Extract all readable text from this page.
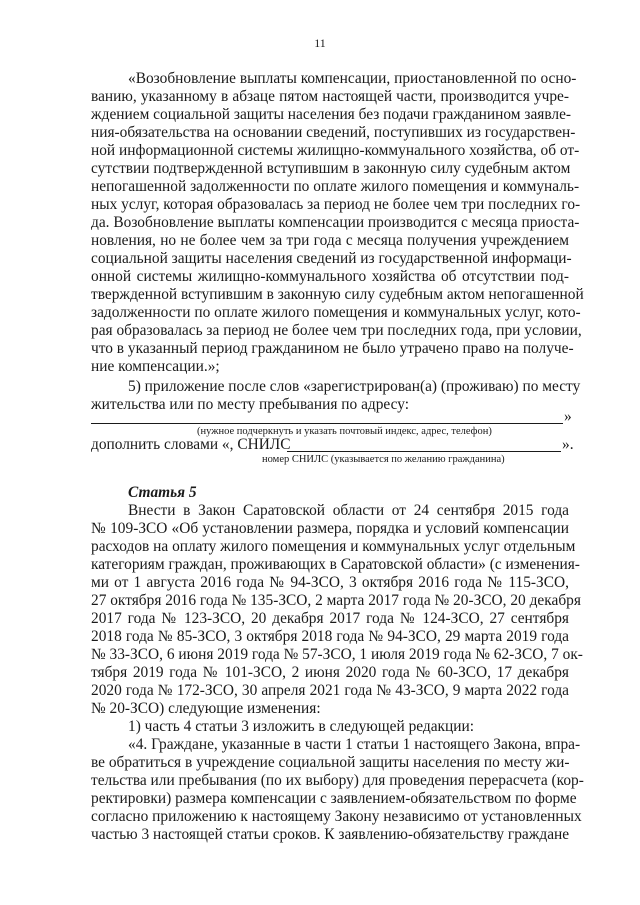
11
«Возобновление выплаты компенсации, приостановленной по осно-
ванию, указанному в абзаце пятом настоящей части, производится учре-
ждением социальной защиты населения без подачи гражданином заявле-
ния-обязательства на основании сведений, поступивших из государствен-
ной информационной системы жилищно-коммунального хозяйства, об от-
сутствии подтвержденной вступившим в законную силу судебным актом
непогашенной задолженности по оплате жилого помещения и коммуналь-
ных услуг, которая образовалась за период не более чем три последних го-
да. Возобновление выплаты компенсации производится с месяца приоста-
новления, но не более чем за три года с месяца получения учреждением
социальной защиты населения сведений из государственной информаци-
онной системы жилищно-коммунального хозяйства об отсутствии под-
твержденной вступившим в законную силу судебным актом непогашенной
задолженности по оплате жилого помещения и коммунальных услуг, кото-
рая образовалась за период не более чем три последних года, при условии,
что в указанный период гражданином не было утрачено право на получе-
ние компенсации.»;
5) приложение после слов «зарегистрирован(а) (проживаю) по месту
жительства или по месту пребывания по адресу:
»
(нужное подчеркнуть и указать почтовый индекс, адрес, телефон)
дополнить словами «, СНИЛС	».
номер СНИЛС (указывается по желанию гражданина)
Статья 5
Внести в Закон Саратовской области от 24 сентября 2015 года
№ 109-ЗСО «Об установлении размера, порядка и условий компенсации
расходов на оплату жилого помещения и коммунальных услуг отдельным
категориям граждан, проживающих в Саратовской области» (с изменения-
ми от 1 августа 2016 года № 94-ЗСО, 3 октября 2016 года № 115-ЗСО,
27 октября 2016 года № 135-ЗСО, 2 марта 2017 года № 20-ЗСО, 20 декабря
2017 года № 123-ЗСО, 20 декабря 2017 года № 124-ЗСО, 27 сентября
2018 года № 85-ЗСО, 3 октября 2018 года № 94-ЗСО, 29 марта 2019 года
№ 33-ЗСО, 6 июня 2019 года № 57-ЗСО, 1 июля 2019 года № 62-ЗСО, 7 ок-
тября 2019 года № 101-ЗСО, 2 июня 2020 года № 60-ЗСО, 17 декабря
2020 года № 172-ЗСО, 30 апреля 2021 года № 43-ЗСО, 9 марта 2022 года
№ 20-ЗСО) следующие изменения:
1) часть 4 статьи 3 изложить в следующей редакции:
«4. Граждане, указанные в части 1 статьи 1 настоящего Закона, впра-
ве обратиться в учреждение социальной защиты населения по месту жи-
тельства или пребывания (по их выбору) для проведения перерасчета (кор-
ректировки) размера компенсации с заявлением-обязательством по форме
согласно приложению к настоящему Закону независимо от установленных
частью 3 настоящей статьи сроков. К заявлению-обязательству граждане
